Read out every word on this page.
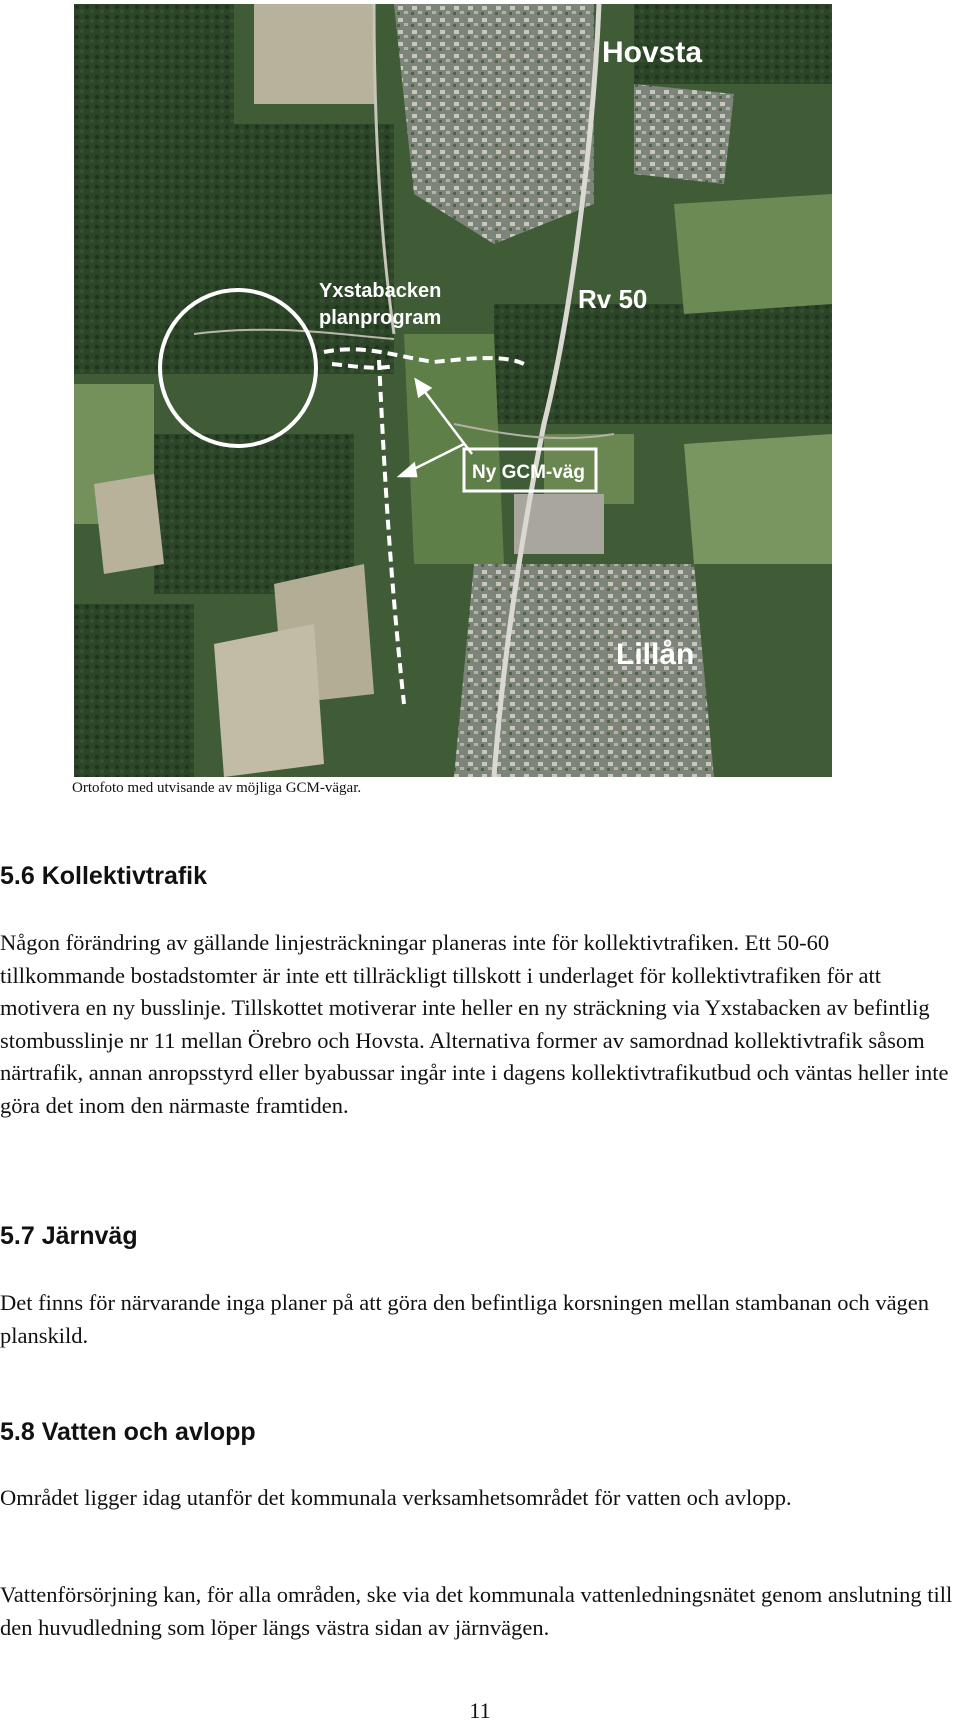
Hovsta
Yxstabacken
planprogram
Rv 50
Ny GCM-väg
Lillån
Ortofoto med utvisande av möjliga GCM-vägar.
5.6 Kollektivtrafik

Någon förändring av gällande linjesträckningar planeras inte för kollektivtrafiken. Ett 50-60 tillkommande bostadstomter är inte ett tillräckligt tillskott i underlaget för kollektivtrafiken för att motivera en ny busslinje. Tillskottet motiverar inte heller en ny sträckning via Yxstabacken av befintlig stombusslinje nr 11 mellan Örebro och Hovsta. Alternativa former av samordnad kollektivtrafik såsom närtrafik, annan anropsstyrd eller byabussar ingår inte i dagens kollektivtrafikutbud och väntas heller inte göra det inom den närmaste framtiden.

5.7 Järnväg

Det finns för närvarande inga planer på att göra den befintliga korsningen mellan stambanan och vägen planskild.

5.8 Vatten och avlopp

Området ligger idag utanför det kommunala verksamhetsområdet för vatten och avlopp.

Vattenförsörjning kan, för alla områden, ske via det kommunala vattenledningsnätet genom anslutning till den huvudledning som löper längs västra sidan av järnvägen.

11
